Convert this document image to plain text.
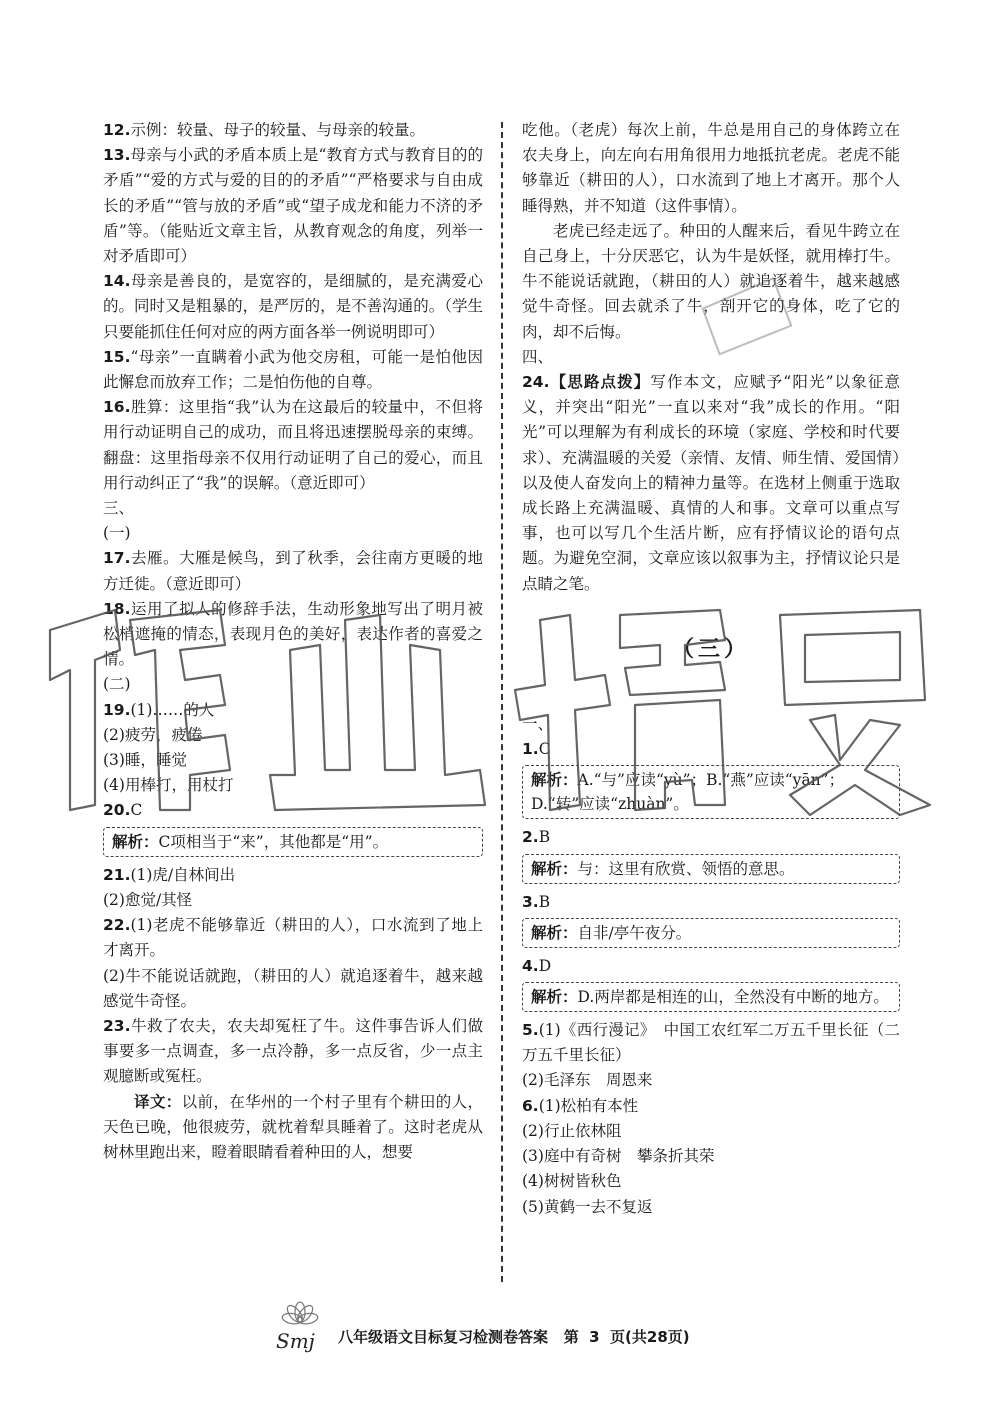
12.示例：较量、母子的较量、与母亲的较量。
13.母亲与小武的矛盾本质上是“教育方式与教育目的的矛盾”“爱的方式与爱的目的的矛盾”“严格要求与自由成长的矛盾”“管与放的矛盾”或“望子成龙和能力不济的矛盾”等。（能贴近文章主旨，从教育观念的角度，列举一对矛盾即可）
14.母亲是善良的，是宽容的，是细腻的，是充满爱心的。同时又是粗暴的，是严厉的，是不善沟通的。（学生只要能抓住任何对应的两方面各举一例说明即可）
15.“母亲”一直瞒着小武为他交房租，可能一是怕他因此懈怠而放弃工作；二是怕伤他的自尊。
16.胜算：这里指“我”认为在这最后的较量中，不但将用行动证明自己的成功，而且将迅速摆脱母亲的束缚。翻盘：这里指母亲不仅用行动证明了自己的爱心，而且用行动纠正了“我”的误解。（意近即可）
三、
(一)
17.去雁。大雁是候鸟，到了秋季，会往南方更暖的地方迁徙。（意近即可）
18.运用了拟人的修辞手法，生动形象地写出了明月被松梢遮掩的情态，表现月色的美好，表达作者的喜爱之情。
(二)
19.(1)……的人
(2)疲劳，疲倦
(3)睡，睡觉
(4)用棒打，用杖打
20.C
解析：C项相当于“来”，其他都是“用”。
21.(1)虎/自林间出
(2)愈觉/其怪
22.(1)老虎不能够靠近（耕田的人），口水流到了地上才离开。
(2)牛不能说话就跑，（耕田的人）就追逐着牛，越来越感觉牛奇怪。
23.牛救了农夫，农夫却冤枉了牛。这件事告诉人们做事要多一点调查，多一点冷静，多一点反省，少一点主观臆断或冤枉。
译文：以前，在华州的一个村子里有个耕田的人，天色已晚，他很疲劳，就枕着犁具睡着了。这时老虎从树林里跑出来，瞪着眼睛看着种田的人，想要
吃他。（老虎）每次上前，牛总是用自己的身体跨立在农夫身上，向左向右用角很用力地抵抗老虎。老虎不能够靠近（耕田的人），口水流到了地上才离开。那个人睡得熟，并不知道（这件事情）。
老虎已经走远了。种田的人醒来后，看见牛跨立在自己身上，十分厌恶它，认为牛是妖怪，就用棒打牛。牛不能说话就跑，（耕田的人）就追逐着牛，越来越感觉牛奇怪。回去就杀了牛，剖开它的身体，吃了它的肉，却不后悔。
四、
24.【思路点拨】写作本文，应赋予“阳光”以象征意义，并突出“阳光”一直以来对“我”成长的作用。“阳光”可以理解为有利成长的环境（家庭、学校和时代要求）、充满温暖的关爱（亲情、友情、师生情、爱国情）以及使人奋发向上的精神力量等。在选材上侧重于选取成长路上充满温暖、真情的人和事。文章可以重点写事，也可以写几个生活片断，应有抒情议论的语句点题。为避免空洞，文章应该以叙事为主，抒情议论只是点睛之笔。
（三）
一、
1.C
解析：A.“与”应读“yù”；B.“燕”应读“yān”；D.“转”应读“zhuàn”。
2.B
解析：与：这里有欣赏、领悟的意思。
3.B
解析：自非/亭午夜分。
4.D
解析：D.两岸都是相连的山，全然没有中断的地方。
5.(1)《西行漫记》　中国工农红军二万五千里长征（二万五千里长征）
(2)毛泽东　周恩来
6.(1)松柏有本性
(2)行止依林阻
(3)庭中有奇树　攀条折其荣
(4)树树皆秋色
(5)黄鹤一去不复返
Smj 八年级语文目标复习检测卷答案 第 3 页(共28页)
